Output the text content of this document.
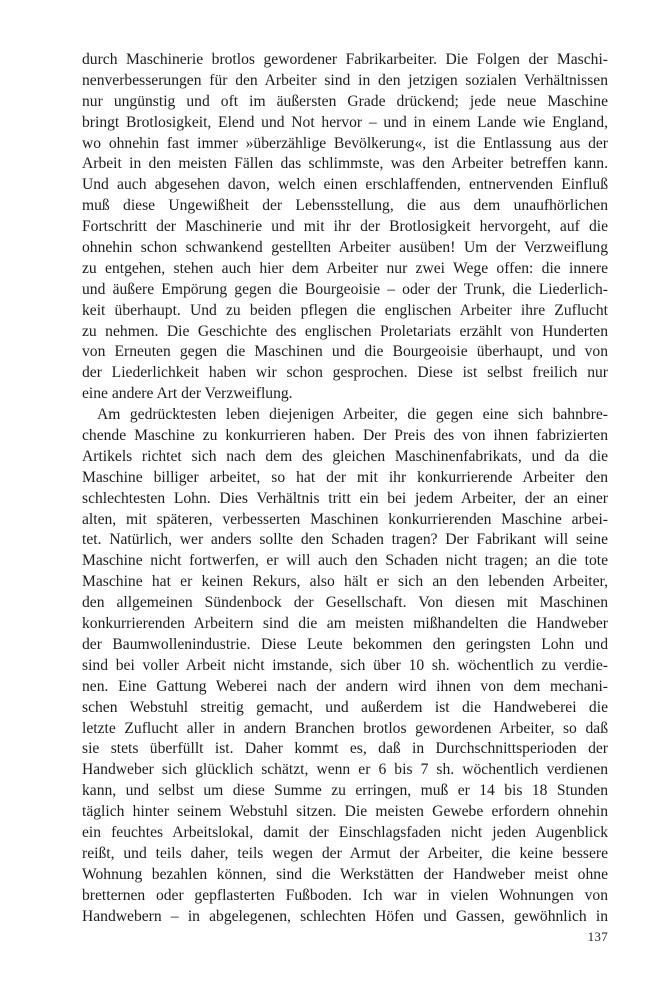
durch Maschinerie brotlos gewordener Fabrikarbeiter. Die Folgen der Maschi-
nenverbesserungen für den Arbeiter sind in den jetzigen sozialen Verhältnissen
nur ungünstig und oft im äußersten Grade drückend; jede neue Maschine
bringt Brotlosigkeit, Elend und Not hervor – und in einem Lande wie England,
wo ohnehin fast immer »überzählige Bevölkerung«, ist die Entlassung aus der
Arbeit in den meisten Fällen das schlimmste, was den Arbeiter betreffen kann.
Und auch abgesehen davon, welch einen erschlaffenden, entnervenden Einfluß
muß diese Ungewißheit der Lebensstellung, die aus dem unaufhörlichen
Fortschritt der Maschinerie und mit ihr der Brotlosigkeit hervorgeht, auf die
ohnehin schon schwankend gestellten Arbeiter ausüben! Um der Verzweiflung
zu entgehen, stehen auch hier dem Arbeiter nur zwei Wege offen: die innere
und äußere Empörung gegen die Bourgeoisie – oder der Trunk, die Liederlich-
keit überhaupt. Und zu beiden pflegen die englischen Arbeiter ihre Zuflucht
zu nehmen. Die Geschichte des englischen Proletariats erzählt von Hunderten
von Erneuten gegen die Maschinen und die Bourgeoisie überhaupt, und von
der Liederlichkeit haben wir schon gesprochen. Diese ist selbst freilich nur
eine andere Art der Verzweiflung.
Am gedrücktesten leben diejenigen Arbeiter, die gegen eine sich bahnbre-
chende Maschine zu konkurrieren haben. Der Preis des von ihnen fabrizierten
Artikels richtet sich nach dem des gleichen Maschinenfabrikats, und da die
Maschine billiger arbeitet, so hat der mit ihr konkurrierende Arbeiter den
schlechtesten Lohn. Dies Verhältnis tritt ein bei jedem Arbeiter, der an einer
alten, mit späteren, verbesserten Maschinen konkurrierenden Maschine arbei-
tet. Natürlich, wer anders sollte den Schaden tragen? Der Fabrikant will seine
Maschine nicht fortwerfen, er will auch den Schaden nicht tragen; an die tote
Maschine hat er keinen Rekurs, also hält er sich an den lebenden Arbeiter,
den allgemeinen Sündenbock der Gesellschaft. Von diesen mit Maschinen
konkurrierenden Arbeitern sind die am meisten mißhandelten die Handweber
der Baumwollenindustrie. Diese Leute bekommen den geringsten Lohn und
sind bei voller Arbeit nicht imstande, sich über 10 sh. wöchentlich zu verdie-
nen. Eine Gattung Weberei nach der andern wird ihnen von dem mechani-
schen Webstuhl streitig gemacht, und außerdem ist die Handweberei die
letzte Zuflucht aller in andern Branchen brotlos gewordenen Arbeiter, so daß
sie stets überfüllt ist. Daher kommt es, daß in Durchschnittsperioden der
Handweber sich glücklich schätzt, wenn er 6 bis 7 sh. wöchentlich verdienen
kann, und selbst um diese Summe zu erringen, muß er 14 bis 18 Stunden
täglich hinter seinem Webstuhl sitzen. Die meisten Gewebe erfordern ohnehin
ein feuchtes Arbeitslokal, damit der Einschlagsfaden nicht jeden Augenblick
reißt, und teils daher, teils wegen der Armut der Arbeiter, die keine bessere
Wohnung bezahlen können, sind die Werkstätten der Handweber meist ohne
bretternen oder gepflasterten Fußboden. Ich war in vielen Wohnungen von
Handwebern – in abgelegenen, schlechten Höfen und Gassen, gewöhnlich in
137
